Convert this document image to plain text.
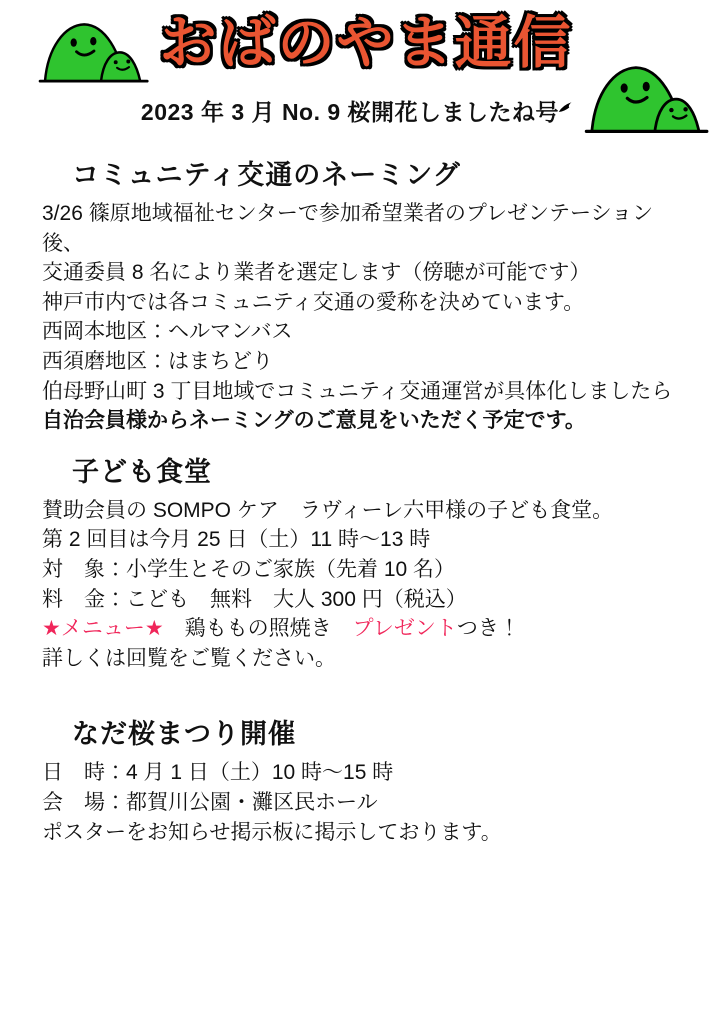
おばのやま通信

2023 年 3 月 No. 9 桜開花しましたね号

コミュニティ交通のネーミング

3/26 篠原地域福祉センターで参加希望業者のプレゼンテーション後、

交通委員 8 名により業者を選定します（傍聴が可能です）

神戸市内では各コミュニティ交通の愛称を決めています。

西岡本地区：ヘルマンバス

西須磨地区：はまちどり

伯母野山町 3 丁目地域でコミュニティ交通運営が具体化しましたら

自治会員様からネーミングのご意見をいただく予定です。

子ども食堂

賛助会員の SOMPO ケア　ラヴィーレ六甲様の子ども食堂。

第 2 回目は今月 25 日（土）11 時～13 時

対　象：小学生とそのご家族（先着 10 名）

料　金：こども　無料　大人 300 円（税込）

★メニュー★　鶏ももの照焼き　プレゼントつき！

詳しくは回覧をご覧ください。

なだ桜まつり開催

日　時：4 月 1 日（土）10 時～15 時

会　場：都賀川公園・灘区民ホール

ポスターをお知らせ掲示板に掲示しております。
